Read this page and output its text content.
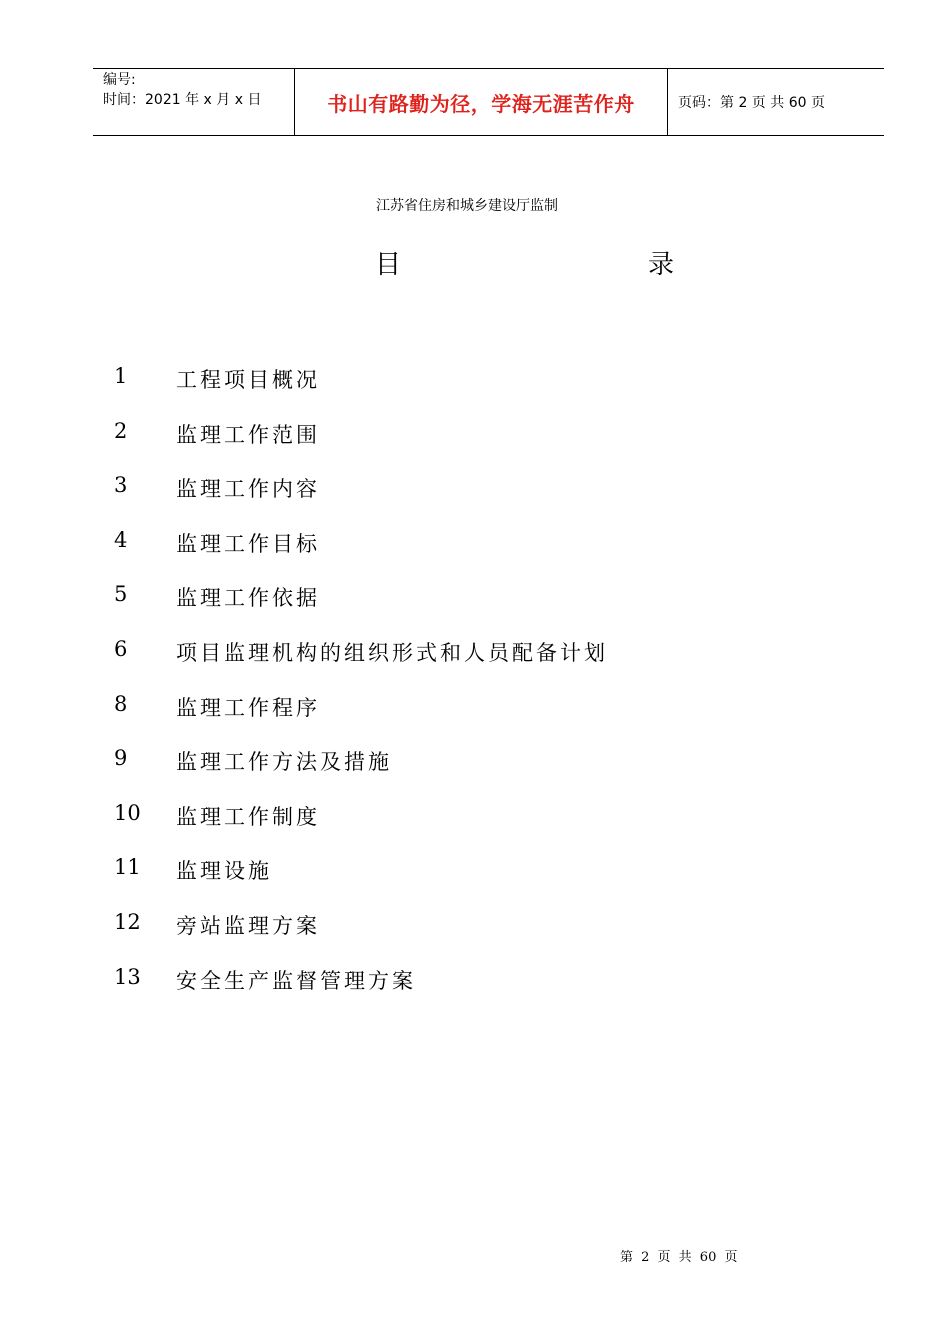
编号:
时间：2021 年 x 月 x 日	书山有路勤为径，学海无涯苦作舟	页码：第 2 页 共 60 页
江苏省住房和城乡建设厅监制
目	录
1	工程项目概况
2	监理工作范围
3	监理工作内容
4	监理工作目标
5	监理工作依据
6	项目监理机构的组织形式和人员配备计划
8	监理工作程序
9	监理工作方法及措施
10	监理工作制度
11	监理设施
12	旁站监理方案
13	安全生产监督管理方案
第 2 页 共 60 页
